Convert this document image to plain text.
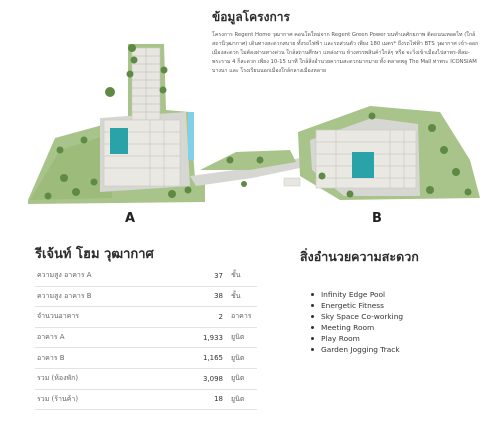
ข้อมูลโครงการ
โครงการ Regent Home วุฒากาศ คอนโดใหม่จาก Regent Green Power บนทำเลศักยภาพ ติดถนนเทอดไท (ใกล้สถานีวุฒากาศ) เดินทางสะดวกสบาย ทั้งรถไฟฟ้า และรถส่วนตัว เพียง 180 เมตร* ถึงรถไฟฟ้า BTS วุฒากาศ เข้า-ออกเมืองสะดวก ไม่ต้องผ่านทางด่วน ใกล้สถานศึกษา แหล่งงาน ห้างสรรพสินค้าใกล้ๆ หรือ จะวิ่งเข้าเมืองไปสาทร-สีลม-พระราม 4 ก็สะดวก เพียง 10-15 นาที ใกล้สิ่งอำนวยความสะดวกมากมาย ทั้ง ตลาดพลู The Mall ท่าพระ ICONSIAM บางนา และ โรงเรียนนอกเมืองใกล้กลางเมืองหลาย
A	B
รีเจ้นท์ โฮม วุฒากาศ
ความสูง อาคาร A	37	ชั้น
ความสูง อาคาร B	38	ชั้น
จำนวนอาคาร	2	อาคาร
อาคาร A	1,933	ยูนิต
อาคาร B	1,165	ยูนิต
รวม (ห้องพัก)	3,098	ยูนิต
รวม (ร้านค้า)	18	ยูนิต
สิ่งอำนวยความสะดวก
Infinity Edge Pool
Energetic Fitness
Sky Space Co-working
Meeting Room
Play Room
Garden Jogging Track
